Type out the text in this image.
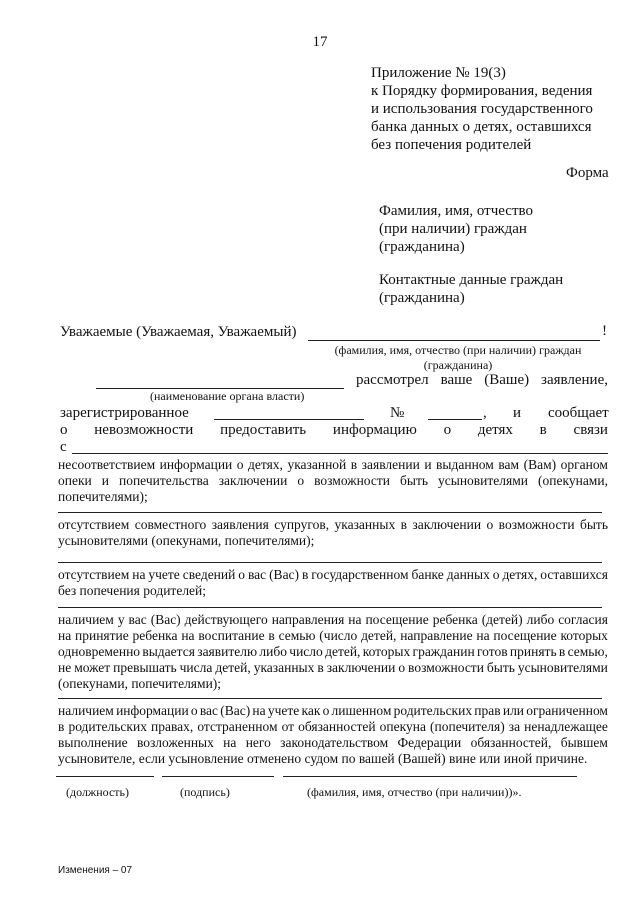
17
Приложение № 19(3)
к Порядку формирования, ведения
и использования государственного
банка данных о детях, оставшихся
без попечения родителей
Форма
Фамилия, имя, отчество
(при наличии) граждан
(гражданина)
Контактные данные граждан
(гражданина)
Уважаемые (Уважаемая, Уважаемый)	!
(фамилия, имя, отчество (при наличии) граждан
(гражданина)
рассмотрел ваше (Ваше) заявление,
(наименование органа власти)
зарегистрированное	№	, и сообщает
о невозможности предоставить информацию о детях в связи
с
несоответствием информации о детях, указанной в заявлении и выданном вам (Вам) органом
опеки и попечительства заключении о возможности быть усыновителями (опекунами,
попечителями);
отсутствием совместного заявления супругов, указанных в заключении о возможности быть
усыновителями (опекунами, попечителями);
отсутствием на учете сведений о вас (Вас) в государственном банке данных о детях, оставшихся
без попечения родителей;
наличием у вас (Вас) действующего направления на посещение ребенка (детей) либо согласия
на принятие ребенка на воспитание в семью (число детей, направление на посещение которых
одновременно выдается заявителю либо число детей, которых гражданин готов принять в семью,
не может превышать числа детей, указанных в заключении о возможности быть усыновителями
(опекунами, попечителями);
наличием информации о вас (Вас) на учете как о лишенном родительских прав или ограниченном
в родительских правах, отстраненном от обязанностей опекуна (попечителя) за ненадлежащее
выполнение возложенных на него законодательством Федерации обязанностей, бывшем
усыновителе, если усыновление отменено судом по вашей (Вашей) вине или иной причине.
(должность)	(подпись)	(фамилия, имя, отчество (при наличии))».
Изменения – 07
